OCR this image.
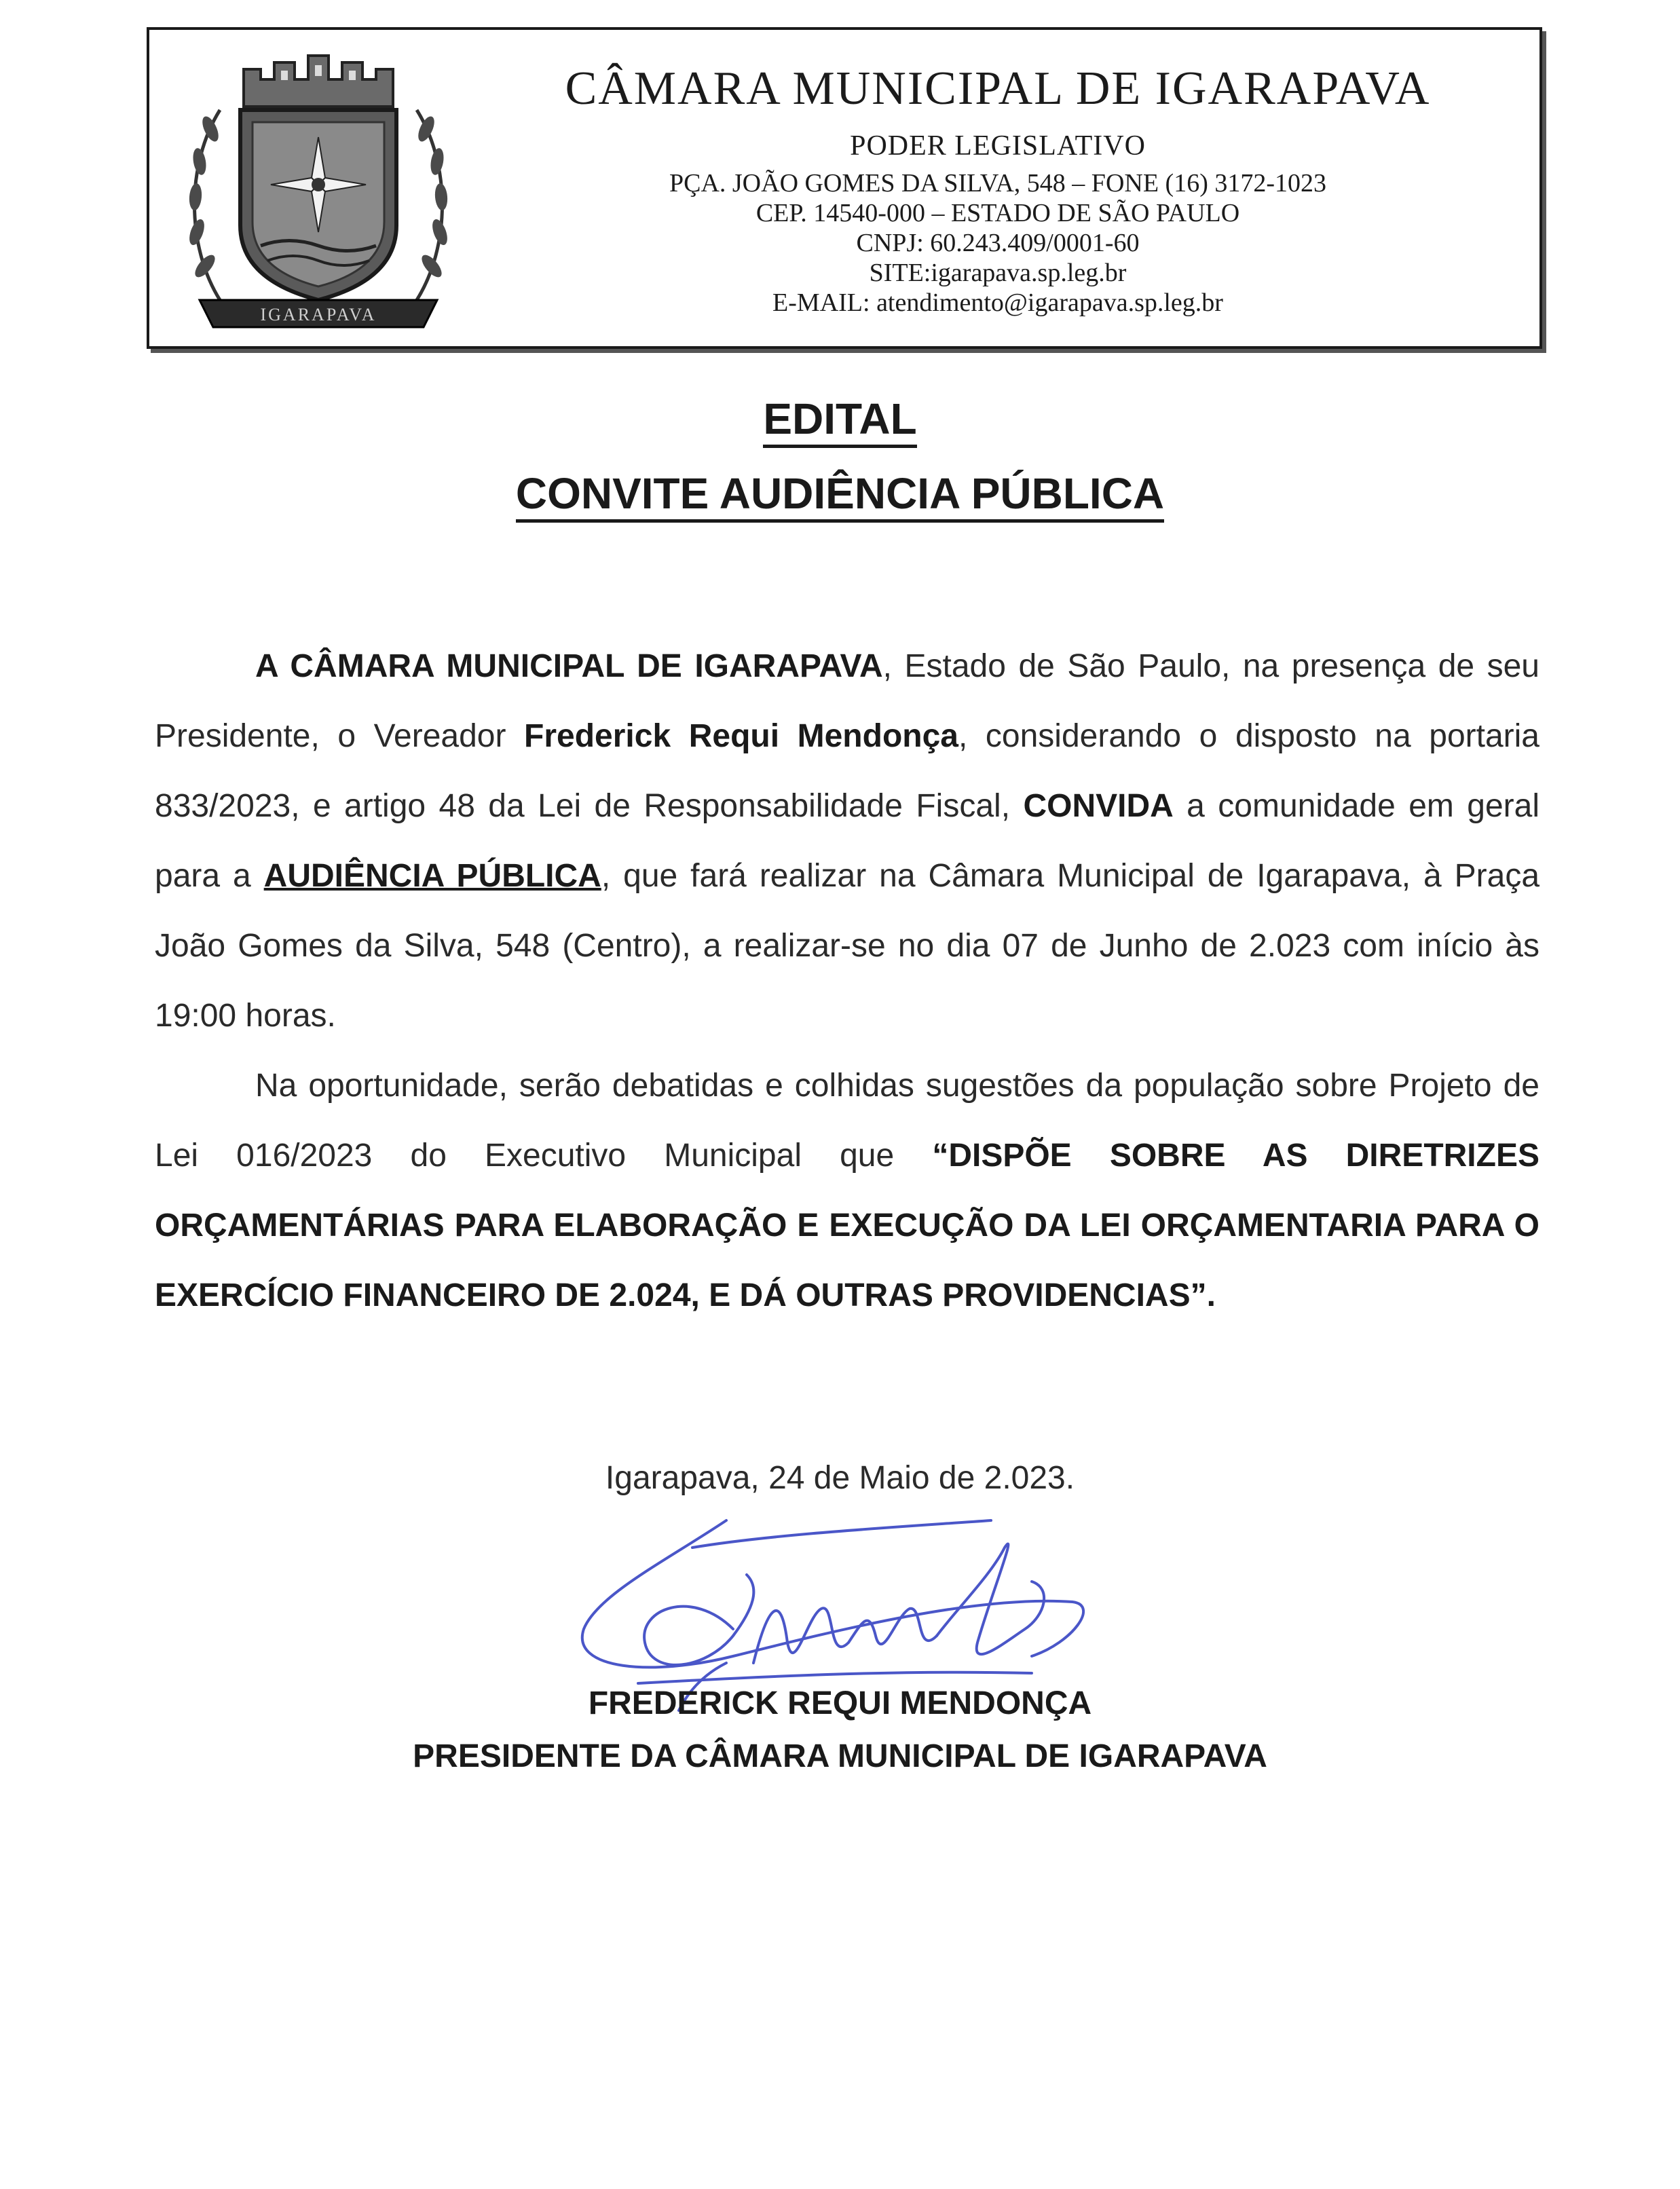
IGARAPAVA
CÂMARA MUNICIPAL DE IGARAPAVA
PODER LEGISLATIVO
PÇA. JOÃO GOMES DA SILVA, 548 – FONE (16) 3172-1023
CEP. 14540-000 – ESTADO DE SÃO PAULO
CNPJ: 60.243.409/0001-60
SITE:igarapava.sp.leg.br
E-MAIL: atendimento@igarapava.sp.leg.br
EDITAL
CONVITE AUDIÊNCIA PÚBLICA

A CÂMARA MUNICIPAL DE IGARAPAVA, Estado de São Paulo, na presença de seu Presidente, o Vereador Frederick Requi Mendonça, considerando o disposto na portaria 833/2023, e artigo 48 da Lei de Responsabilidade Fiscal, CONVIDA a comunidade em geral para a AUDIÊNCIA PÚBLICA, que fará realizar na Câmara Municipal de Igarapava, à Praça João Gomes da Silva, 548 (Centro), a realizar-se no dia 07 de Junho de 2.023 com início às 19:00 horas.

Na oportunidade, serão debatidas e colhidas sugestões da população sobre Projeto de Lei 016/2023 do Executivo Municipal que “DISPÕE SOBRE AS DIRETRIZES ORÇAMENTÁRIAS PARA ELABORAÇÃO E EXECUÇÃO DA LEI ORÇAMENTARIA PARA O EXERCÍCIO FINANCEIRO DE 2.024, E DÁ OUTRAS PROVIDENCIAS”.

Igarapava, 24 de Maio de 2.023.
FREDERICK REQUI MENDONÇA
PRESIDENTE DA CÂMARA MUNICIPAL DE IGARAPAVA
